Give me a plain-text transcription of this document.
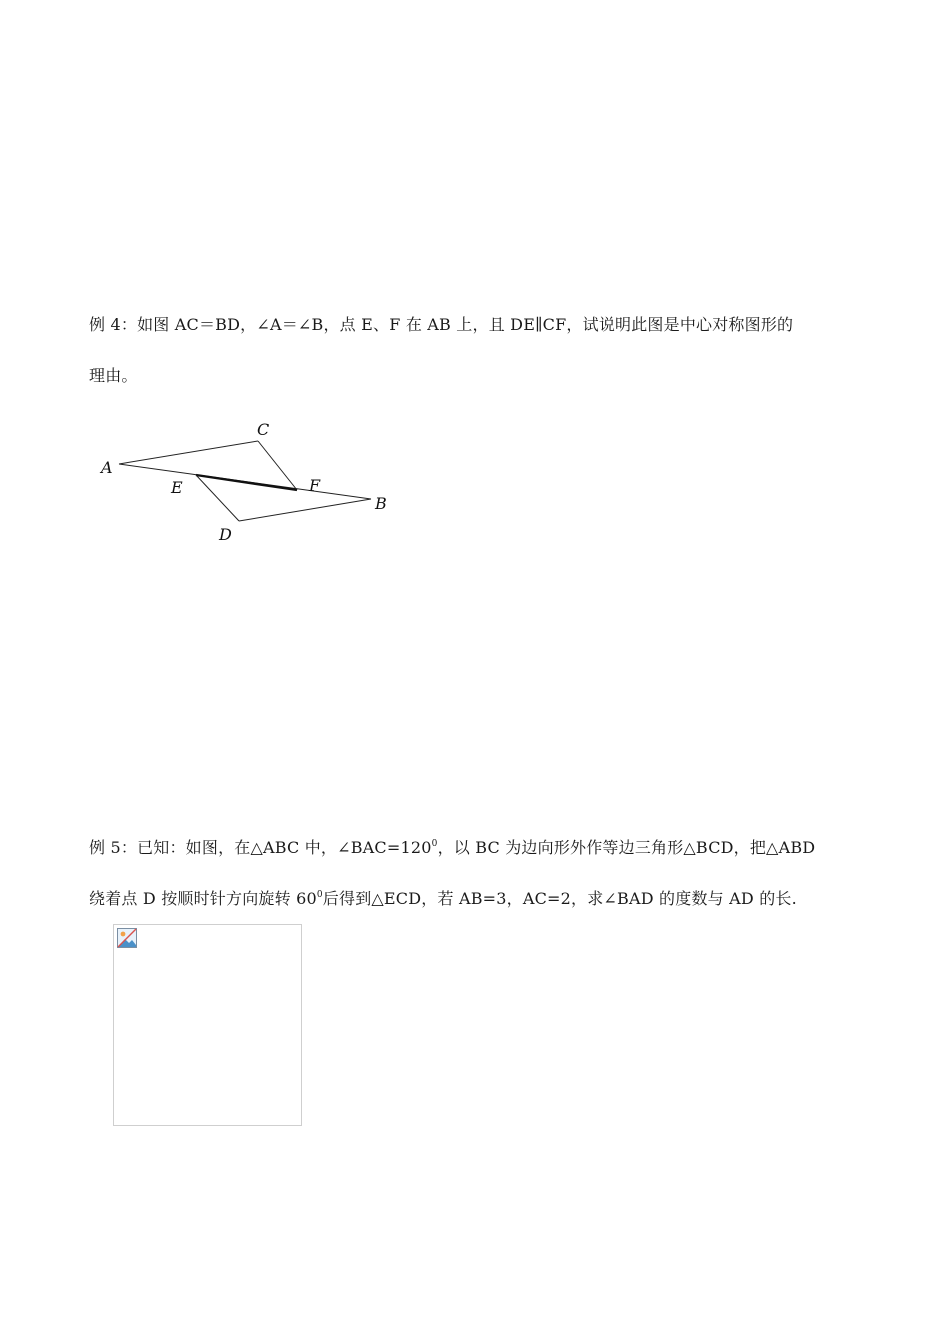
例 4：如图 AC＝BD，∠A＝∠B，点 E、F 在 AB 上，且 DE∥CF，试说明此图是中心对称图形的
理由。
A
C
E	F
B
D
例 5：已知：如图，在△ABC 中，$\angle BAC=120^0$，以 BC 为边向形外作等边三角形△BCD，把△ABD
绕着点 D 按顺时针方向旋转 $60^0$后得到△ECD，若 AB=3，AC=2，求∠BAD 的度数与 AD 的长.
